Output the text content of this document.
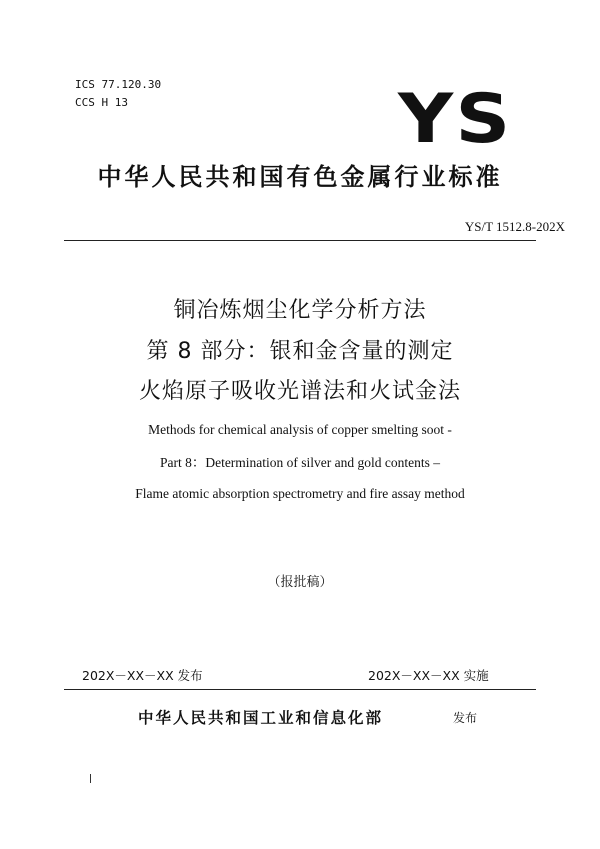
ICS 77.120.30
CCS H 13	YS
中华人民共和国有色金属行业标准
YS/T 1512.8-202X
铜冶炼烟尘化学分析方法
第 8 部分：银和金含量的测定
火焰原子吸收光谱法和火试金法
Methods for chemical analysis of copper smelting soot -
Part 8：Determination of silver and gold contents –
Flame atomic absorption spectrometry and fire assay method
（报批稿）
202X－XX－XX 发布	202X－XX－XX 实施
中华人民共和国工业和信息化部	发布
